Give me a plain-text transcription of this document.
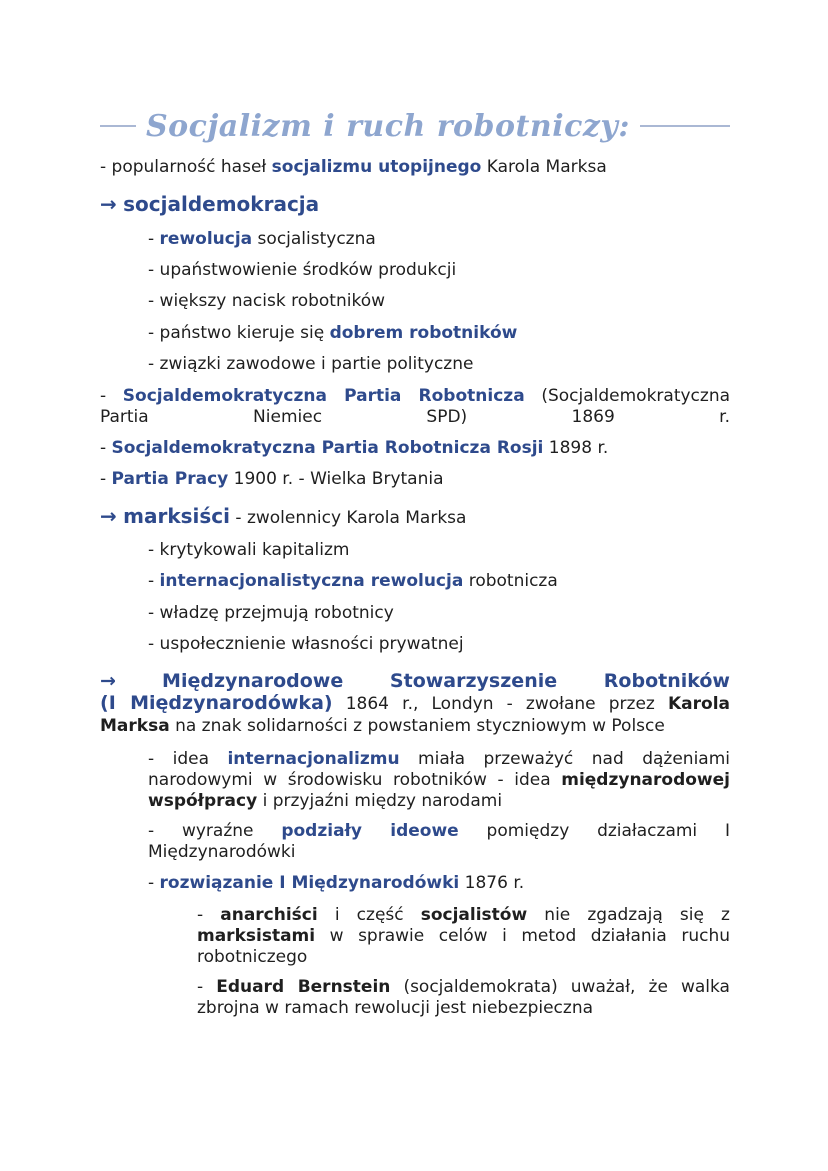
Socjalizm i ruch robotniczy:
- popularność haseł socjalizmu utopijnego Karola Marksa
→ socjaldemokracja
- rewolucja socjalistyczna
- upaństwowienie środków produkcji
- większy nacisk robotników
- państwo kieruje się dobrem robotników
- związki zawodowe i partie polityczne
- Socjaldemokratyczna Partia Robotnicza (Socjaldemokratyczna Partia Niemiec SPD) 1869 r.
- Socjaldemokratyczna Partia Robotnicza Rosji 1898 r.
- Partia Pracy 1900 r. - Wielka Brytania
→ marksiści - zwolennicy Karola Marksa
- krytykowali kapitalizm
- internacjonalistyczna rewolucja robotnicza
- władzę przejmują robotnicy
- uspołecznienie własności prywatnej
→ Międzynarodowe Stowarzyszenie Robotników
(I Międzynarodówka) 1864 r., Londyn - zwołane przez Karola Marksa na znak solidarności z powstaniem styczniowym w Polsce
- idea internacjonalizmu miała przeważyć nad dążeniami narodowymi w środowisku robotników - idea międzynarodowej współpracy i przyjaźni między narodami
- wyraźne podziały ideowe pomiędzy działaczami I Międzynarodówki
- rozwiązanie I Międzynarodówki 1876 r.
- anarchiści i część socjalistów nie zgadzają się z marksistami w sprawie celów i metod działania ruchu robotniczego
- Eduard Bernstein (socjaldemokrata) uważał, że walka zbrojna w ramach rewolucji jest niebezpieczna
